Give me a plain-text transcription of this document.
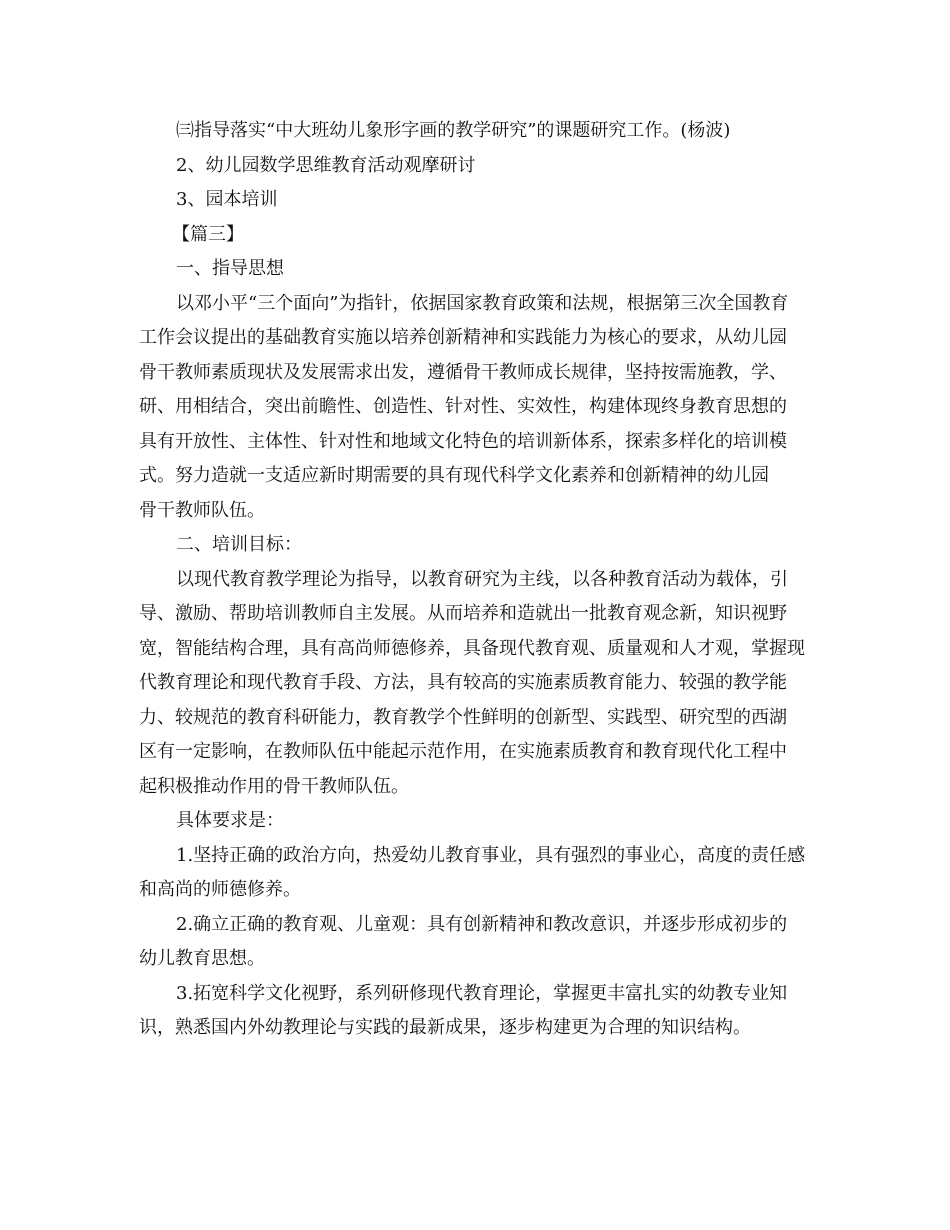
㈢指导落实“中大班幼儿象形字画的教学研究”的课题研究工作。(杨波)
2、幼儿园数学思维教育活动观摩研讨
3、园本培训
【篇三】
一、指导思想
以邓小平“三个面向”为指针，依据国家教育政策和法规，根据第三次全国教育
工作会议提出的基础教育实施以培养创新精神和实践能力为核心的要求，从幼儿园
骨干教师素质现状及发展需求出发，遵循骨干教师成长规律，坚持按需施教，学、
研、用相结合，突出前瞻性、创造性、针对性、实效性，构建体现终身教育思想的
具有开放性、主体性、针对性和地域文化特色的培训新体系，探索多样化的培训模
式。努力造就一支适应新时期需要的具有现代科学文化素养和创新精神的幼儿园
骨干教师队伍。
二、培训目标：
以现代教育教学理论为指导，以教育研究为主线，以各种教育活动为载体，引
导、激励、帮助培训教师自主发展。从而培养和造就出一批教育观念新，知识视野
宽，智能结构合理，具有高尚师德修养，具备现代教育观、质量观和人才观，掌握现
代教育理论和现代教育手段、方法，具有较高的实施素质教育能力、较强的教学能
力、较规范的教育科研能力，教育教学个性鲜明的创新型、实践型、研究型的西湖
区有一定影响，在教师队伍中能起示范作用，在实施素质教育和教育现代化工程中
起积极推动作用的骨干教师队伍。
具体要求是：
1.坚持正确的政治方向，热爱幼儿教育事业，具有强烈的事业心，高度的责任感
和高尚的师德修养。
2.确立正确的教育观、儿童观：具有创新精神和教改意识，并逐步形成初步的
幼儿教育思想。
3.拓宽科学文化视野，系列研修现代教育理论，掌握更丰富扎实的幼教专业知
识，熟悉国内外幼教理论与实践的最新成果，逐步构建更为合理的知识结构。
